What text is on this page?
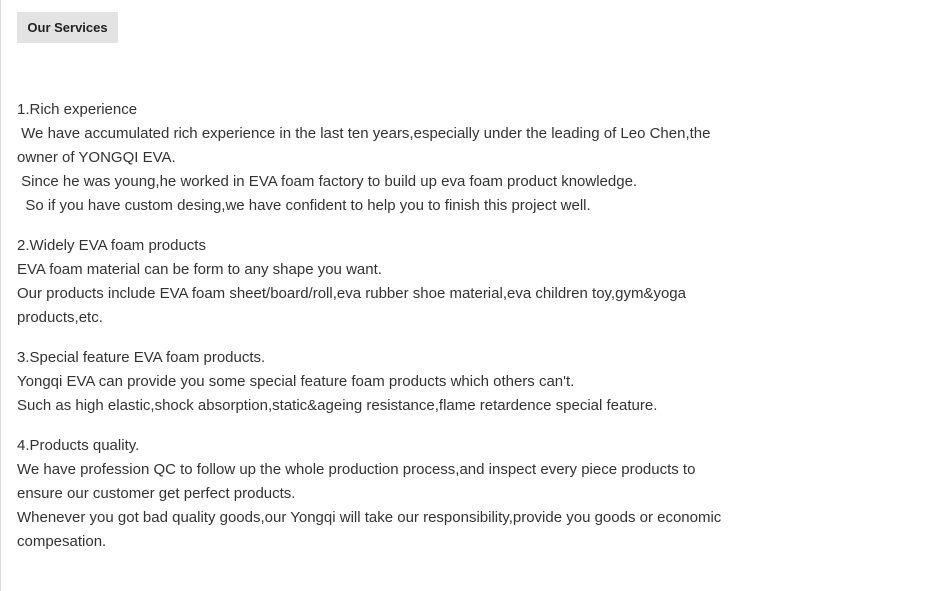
Our Services
1.Rich experience
We have accumulated rich experience in the last ten years,especially under the leading of Leo Chen,the
owner of YONGQI EVA.
Since he was young,he worked in EVA foam factory to build up eva foam product knowledge.
So if you have custom desing,we have confident to help you to finish this project well.
2.Widely EVA foam products
EVA foam material can be form to any shape you want.
Our products include EVA foam sheet/board/roll,eva rubber shoe material,eva children toy,gym&yoga
products,etc.
3.Special feature EVA foam products.
Yongqi EVA can provide you some special feature foam products which others can't.
Such as high elastic,shock absorption,static&ageing resistance,flame retardence special feature.
4.Products quality.
We have profession QC to follow up the whole production process,and inspect every piece products to
ensure our customer get perfect products.
Whenever you got bad quality goods,our Yongqi will take our responsibility,provide you goods or economic
compesation.
